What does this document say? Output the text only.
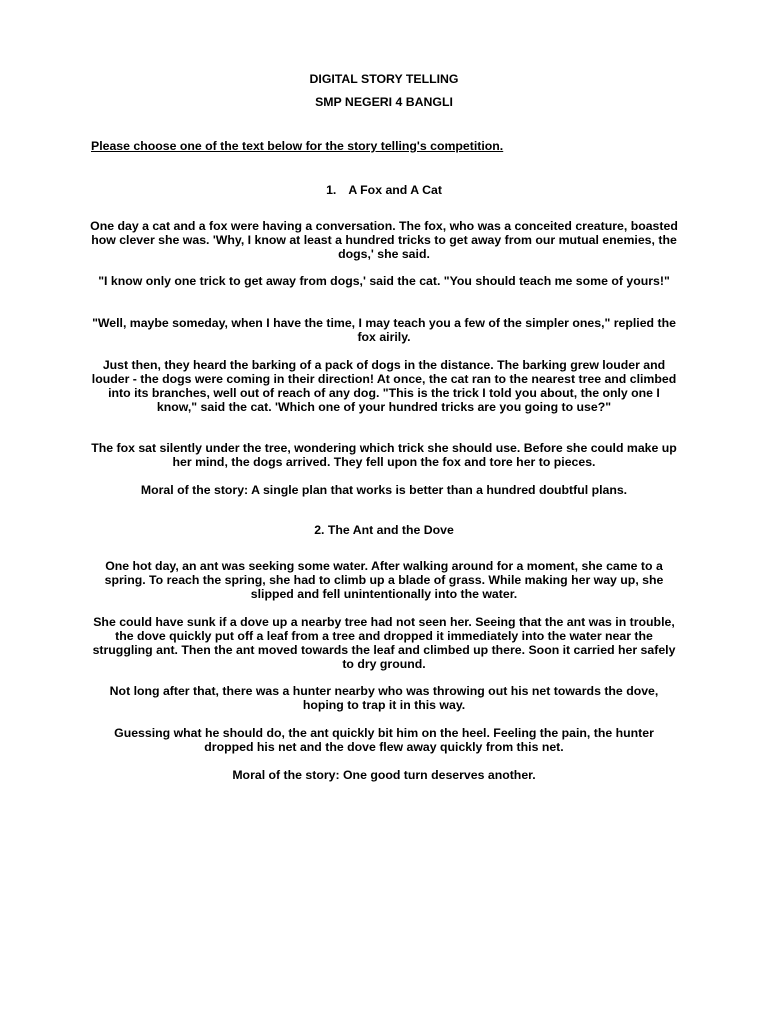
DIGITAL STORY TELLING

SMP NEGERI 4 BANGLI

Please choose one of the text below for the story telling's competition.

1. A Fox and A Cat

One day a cat and a fox were having a conversation. The fox, who was a conceited creature, boasted how clever she was. 'Why, I know at least a hundred tricks to get away from our mutual enemies, the dogs,' she said.

"I know only one trick to get away from dogs,' said the cat. "You should teach me some of yours!"

"Well, maybe someday, when I have the time, I may teach you a few of the simpler ones," replied the fox airily.

Just then, they heard the barking of a pack of dogs in the distance. The barking grew louder and louder - the dogs were coming in their direction! At once, the cat ran to the nearest tree and climbed into its branches, well out of reach of any dog. "This is the trick I told you about, the only one I know," said the cat. 'Which one of your hundred tricks are you going to use?"

The fox sat silently under the tree, wondering which trick she should use. Before she could make up her mind, the dogs arrived. They fell upon the fox and tore her to pieces.

Moral of the story: A single plan that works is better than a hundred doubtful plans.

2. The Ant and the Dove

One hot day, an ant was seeking some water. After walking around for a moment, she came to a spring. To reach the spring, she had to climb up a blade of grass. While making her way up, she slipped and fell unintentionally into the water.

She could have sunk if a dove up a nearby tree had not seen her. Seeing that the ant was in trouble, the dove quickly put off a leaf from a tree and dropped it immediately into the water near the struggling ant. Then the ant moved towards the leaf and climbed up there. Soon it carried her safely to dry ground.

Not long after that, there was a hunter nearby who was throwing out his net towards the dove, hoping to trap it in this way.

Guessing what he should do, the ant quickly bit him on the heel. Feeling the pain, the hunter dropped his net and the dove flew away quickly from this net.

Moral of the story: One good turn deserves another.
